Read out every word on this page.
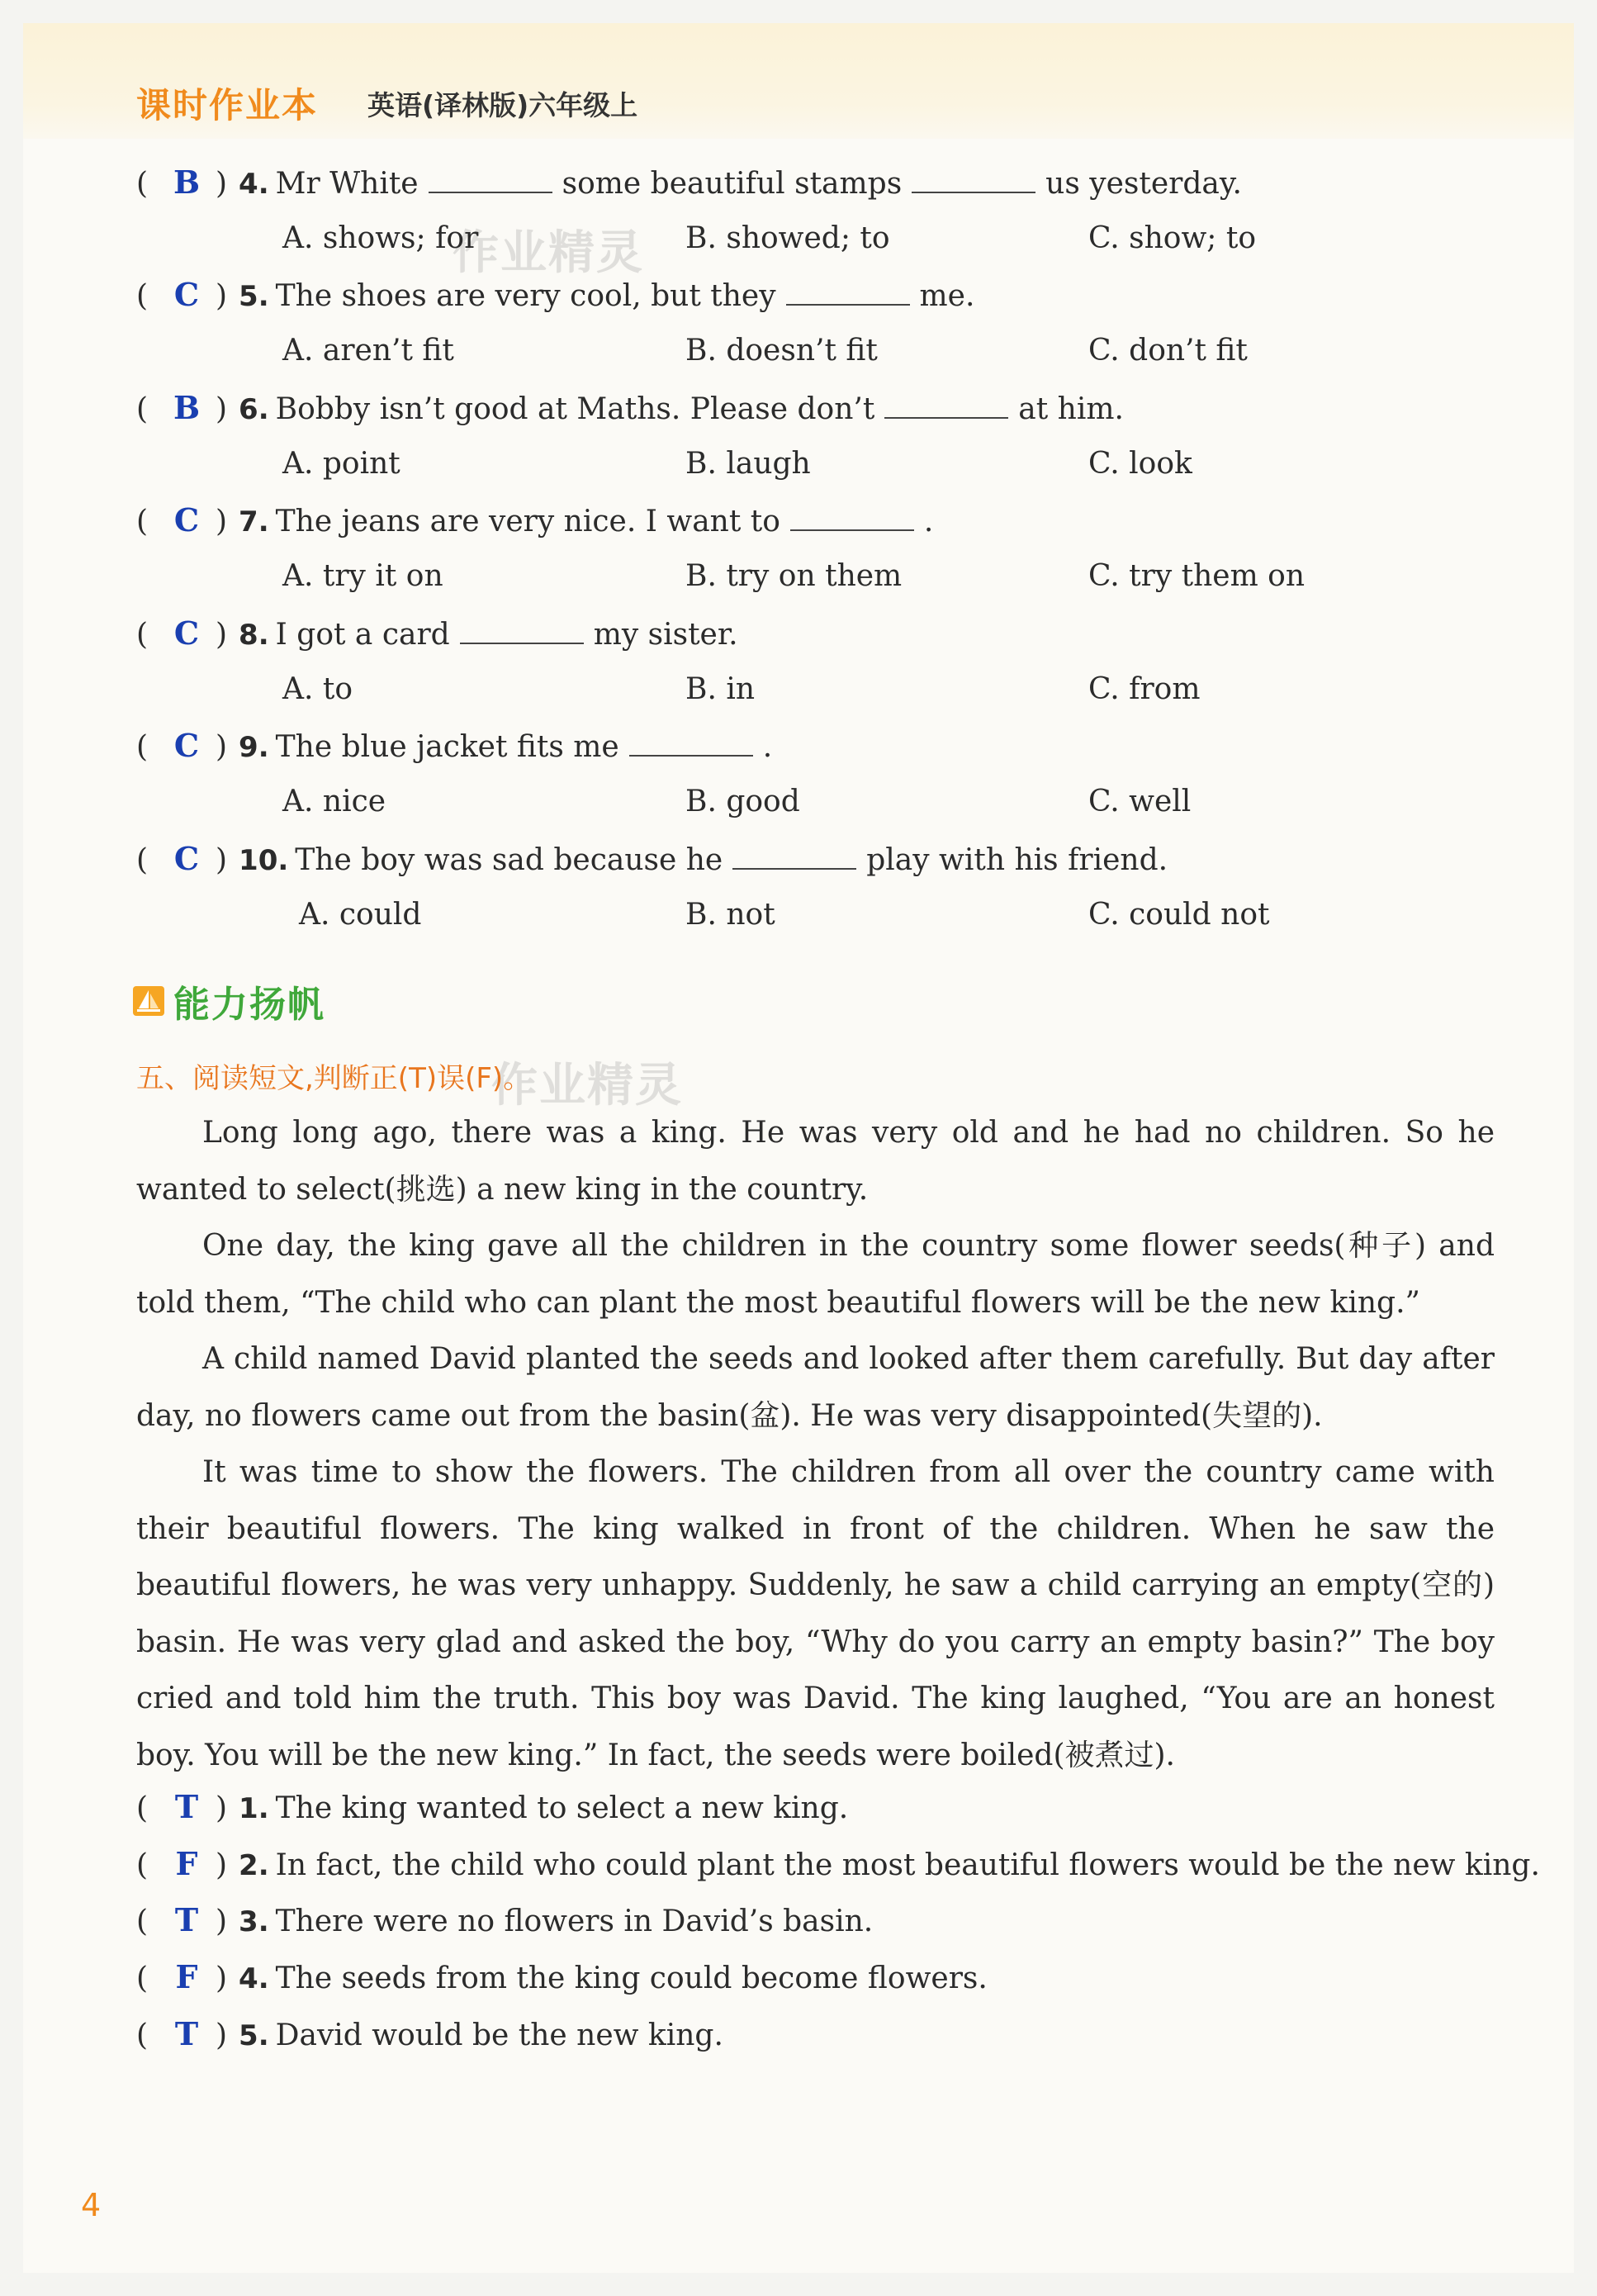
课时作业本 英语(译林版)六年级上
作业精灵
作业精灵
( B ) 4. Mr White	some beautiful stamps	us yesterday.
A. shows; for	B. showed; to	C. show; to
( C ) 5. The shoes are very cool, but they	me.
A. aren’t fit	B. doesn’t fit	C. don’t fit
( B ) 6. Bobby isn’t good at Maths. Please don’t	at him.
A. point	B. laugh	C. look
( C ) 7. The jeans are very nice. I want to	.
A. try it on	B. try on them	C. try them on
( C ) 8. I got a card	my sister.
A. to	B. in	C. from
( C ) 9. The blue jacket fits me	.
A. nice	B. good	C. well
( C ) 10. The boy was sad because he	play with his friend.
A. could	B. not	C. could not
能力扬帆
五、阅读短文,判断正(T)误(F)。
Long long ago, there was a king. He was very old and he had no children. So he wanted to select(挑选) a new king in the country.
One day, the king gave all the children in the country some flower seeds(种子) and told them, “The child who can plant the most beautiful flowers will be the new king.”
A child named David planted the seeds and looked after them carefully. But day after day, no flowers came out from the basin(盆). He was very disappointed(失望的).
It was time to show the flowers. The children from all over the country came with their beautiful flowers. The king walked in front of the children. When he saw the beautiful flowers, he was very unhappy. Suddenly, he saw a child carrying an empty(空的) basin. He was very glad and asked the boy, “Why do you carry an empty basin?” The boy cried and told him the truth. This boy was David. The king laughed, “You are an honest boy. You will be the new king.” In fact, the seeds were boiled(被煮过).
( T ) 1. The king wanted to select a new king.
( F ) 2. In fact, the child who could plant the most beautiful flowers would be the new king.
( T ) 3. There were no flowers in David’s basin.
( F ) 4. The seeds from the king could become flowers.
( T ) 5. David would be the new king.
4
